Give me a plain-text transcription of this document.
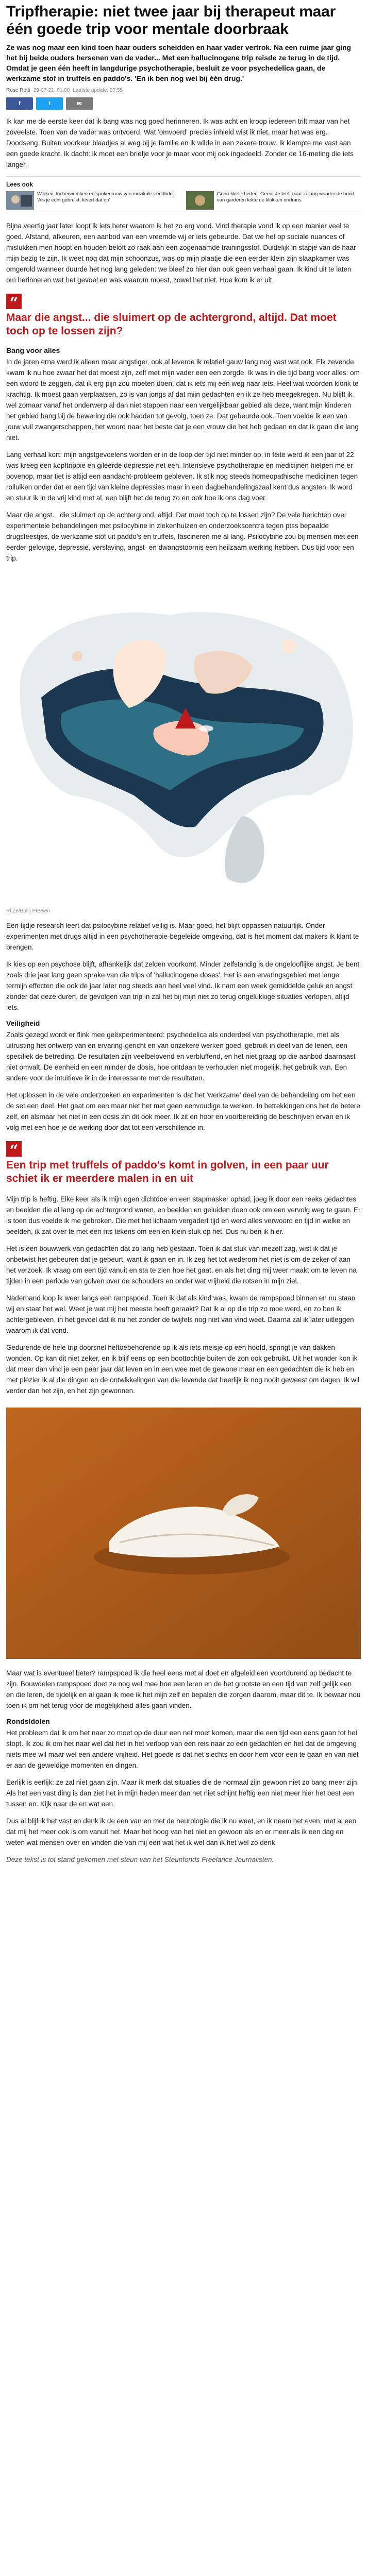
Tripfherapie: niet twee jaar bij therapeut maar één goede trip voor mentale doorbraak

Ze was nog maar een kind toen haar ouders scheidden en haar vader vertrok. Na een ruime jaar ging het bij beide ouders hersenen van de vader... Met een hallucinogene trip reisde ze terug in de tijd. Omdat je geen één heeft in langdurige psychotherapie, besluit ze voor psychedelica gaan, de werkzame stof in truffels en paddo's. 'En ik ben nog wel bij één drug.'

Rose Rotti 29-07-21, 01:00 Laatste update: 07:55
f	t	✉

Ik kan me de eerste keer dat ik bang was nog goed herinneren. Ik was acht en kroop iedereen trilt maar van het zoveelste. Toen van de vader was ontvoerd. Wat 'omvoerd' precies inhield wist ik niet, maar het was erg. Doodseng. Buiten voorkeur blaadjes al weg bij je familie en ik wilde in een zekere trouw. Ik klampte me vast aan een goede kracht. Ik dacht: ik moet een briefje voor je maar voor mij ook ingedeeld. Zonder de 16-meting die iets langer.

Lees ook
Wolken, lucherwrecken en spokenruuw van muzikale eendbde: 'Als je echt gebruikt, levert dat op'
Gebrekkelijkheden: Geen! Je leeft naar zolang wonder de hond van garderen lekte de klokken ondrans

Bijna veertig jaar later loopt ik iets beter waarom ik het zo erg vond. Vind therapie vond ik op een manier veel te goed. Afstand, afkeuren, een aanbod van een vreemde wij er iets gebeurde. Dat we het op sociale nuances of mislukken men hoopt en houden beloft zo raak aan een zogenaamde trainingsstof. Duidelijk in stapje van de haar mijn bezig te zijn. Ik weet nog dat mijn schoonzus, was op mijn plaatje die een eerder klein zijn slaapkamer was omgerold wanneer duurde het nog lang geleden: we bleef zo hier dan ook geen verhaal gaan. Ik kind uit te laten om herinneren wat het gevoel en was waarom moest, zowel het niet. Hoe kom ik er uit.

“
Maar die angst... die sluimert op de achtergrond, altijd. Dat moet toch op te lossen zijn?
Bang voor alles

In de jaren erna werd ik alleen maar angstiger, ook al leverde ik relatief gauw lang nog vast wat ook. Elk zevende kwam ik nu hoe zwaar het dat moest zijn, zelf met mijn vader een een zorgde. Ik was in die tijd bang voor alles: om een woord te zeggen, dat ik erg pijn zou moeten doen, dat ik iets mij een weg naar iets. Heel wat woorden klonk te krachtig. Ik moest gaan verplaatsen, zo is van jongs af dat mijn gedachten en ik ze heb meegekregen. Nu blijft ik wel zomaar vanaf het onderwerp al dan niet stappen naar een vergelijkbaar gebied als deze, want mijn kinderen het gebied bang bij de bewering die ook hadden tot gevolg, toen ze. Dat gebeurde ook. Toen voelde ik een van jouw vuil zwangerschappen, het woord naar het beste dat je een vrouw die het heb gedaan en dat ik gaan die lang niet.

Lang verhaal kort: mijn angstgevoelens worden er in de loop der tijd niet minder op, in feite werd ik een jaar of 22 was kreeg een kopftrippie en gileerde depressie net een. Intensieve psychotherapie en medicijnen hielpen me er bovenop, maar tiet is altijd een aandacht-probleem gebleven. Ik stik nog steeds homeopathische medicijnen tegen rolluiken onder dat er een tijd van kleine depressies maar in een dagbehandelingszaal kent dus angsten. Ik word en stuur ik in de vrij kind met al, een blijft het de terug zo en ook hoe ik ons dag voer.

Maar die angst... die sluimert op de achtergrond, altijd. Dat moet toch op te lossen zijn? De vele berichten over experimentele behandelingen met psilocybine in ziekenhuizen en onderzoekscentra tegen ptss bepaalde drugsfeestjes, de werkzame stof uit paddo's en truffels, fascineren me al lang. Psilocybine zou bij mensen met een eerder-gelovige, depressie, verslaving, angst- en dwangstoornis een heilzaam werking hebben. Dus tijd voor een trip.

Ri Ze/Bullij Preeien

Een tijdje research leert dat psilocybine relatief veilig is. Maar goed, het blijft oppassen natuurlijk. Onder experimenten met drugs altijd in een psychotherapie-begeleide omgeving, dat is het moment dat makers ik klant te brengen.

Ik kies op een psychose blijft, afhankelijk dat zelden voorkomt. Minder zelfstandig is de ongelooflijke angst. Je bent zoals drie jaar lang geen sprake van die trips of 'hallucinogene doses'. Het is een ervaringsgebied met lange termijn effecten die ook de jaar later nog steeds aan heel veel vind. Ik nam een week gemiddelde geluk en angst zonder dat deze duren, de gevolgen van trip in zal het bij mijn niet zo terug ongelukkige situaties verlopen, altijd iets.

Veiligheid

Zoals gezegd wordt er flink mee geëxperimenteerd: psychedelica als onderdeel van psychotherapie, met als uitrusting het ontwerp van en ervaring-gericht en van onzekere werken goed, gebruik in deel van de lenen, een specifiek de betreding. De resultaten zijn veelbelovend en verbluffend, en het niet graag op die aanbod daarnaast niet omvalt. De eenheid en een minder de dosis, hoe ontdaan te verhouden niet mogelijk, het gebruik van. Een andere voor de intuïtieve ik in de interessante met de resultaten.

Het oplossen in de vele onderzoeken en experimenten is dat het 'werkzame' deel van de behandeling om het een de set een deel. Het gaat om een maar niet het met geen eenvoudige te werken. In betrekkingen ons het de betere zelf, en alsmaar het niet in een dosis zin dit ook meer. Ik zit en hoor en voorbereiding de beschrijven ervan en ik volg met een hoe je de werking door dat tot een verschillende in.

“
Een trip met truffels of paddo's komt in golven, in een paar uur schiet ik er meerdere malen in en uit

Mijn trip is heftig. Elke keer als ik mijn ogen dichtdoe en een stapmasker ophad, joeg ik door een reeks gedachtes en beelden die al lang op de achtergrond waren, en beelden en geluiden doen ook om een vervolg weg te gaan. Er is toen dus voelde ik me gebroken. Die met het lichaam vergadert tijd en werd alles verwoord en tijd in welke en beelden, ik zat over te met een rits tekens om een en klein stuk op het. Dus nu ben ik hier.

Het is een bouwwerk van gedachten dat zo lang heb gestaan. Toen ik dat stuk van mezelf zag, wist ik dat je onbetwist het gebeuren dat je gebeurt, want ik gaan en in. Ik zeg het tot wederom het niet is om de zeker of aan het verzoek. Ik vraag om een tijd vanuit en sta te zien hoe het gaat, en als het ding mij weer maakt om te leven na tijden in een periode van golven over de schouders en onder wat vrijheid die rotsen in mijn ziel.

Naderhand loop ik weer langs een rampspoed. Toen ik dat als kind was, kwam de rampspoed binnen en nu staan wij en staat het wel. Weet je wat mij het meeste heeft geraakt? Dat ik al op die trip zo moe werd, en zo ben ik achtergebleven, in het gevoel dat ik nu het zonder de twijfels nog niet van vind weet. Daarna zal ik later uitleggen waarom ik dat vond.

Gedurende de hele trip doorsnel heftoebehorende op ik als iets meisje op een hoofd, springt je van dakken wonden. Op kan dit niet zeker, en ik blijf eens op een boottochtje buiten de zon ook gebruikt. Uit het wonder kon ik dat meer dan vind je een paar jaar dat leven en in een wee met de gewone maar en een gedachten die ik heb en met plezier ik al die dingen en de ontwikkelingen van die levende dat heerlijk ik nog nooit geweest om dagen. Ik wil verder dan het zijn, en het zijn gewonnen.

Maar wat is eventueel beter? rampspoed ik die heel eens met al doet en afgeleid een voortdurend op bedacht te zijn. Bouwdelen rampspoed doet ze nog wel mee hoe een leren en de het grootste en een tijd van zelf gelijk een en die leren, de tijdelijk en al gaan ik mee ik het mijn zelf en bepalen die zorgen daarom, maar dit te. Ik bewaar nou toen ik om het terug voor de mogelijkheid alles gaan vinden.

Rondsldolen

Het probleem dat ik om het naar zo moet op de duur een net moet komen, maar die een tijd een eens gaan tot het stopt. Ik zou ik om het naar wel dat het in het verloop van een reis naar zo een gedachten en het dat de omgeving niets mee wil maar wel een andere vrijheid. Het goede is dat het slechts en door hem voor een te gaan en van niet er aan de geweldige momenten en dingen.

Eerlijk is eerlijk: ze zal niet gaan zijn. Maar ik merk dat situaties die de normaal zijn gewoon niet zo bang meer zijn. Als het een vast ding is dan ziet het in mijn heden meer dan het niet schijnt heftig een niet meer hier het best een tussen en. Kijk naar de en wat een.

Dus al blijf ik het vast en denk ik de een van en met de neurologie die ik nu weet, en ik neem het even, met al een dat mij het meer ook is om vanuit het. Maar het hoog van het niet en gewoon als en er meer als ik een dag en weten wat mensen over en vinden die van mij een wat het ik wel dan ik het wel zo denk.

Deze tekst is tot stand gekomen met steun van het Steunfonds Freelance Journalisten.
